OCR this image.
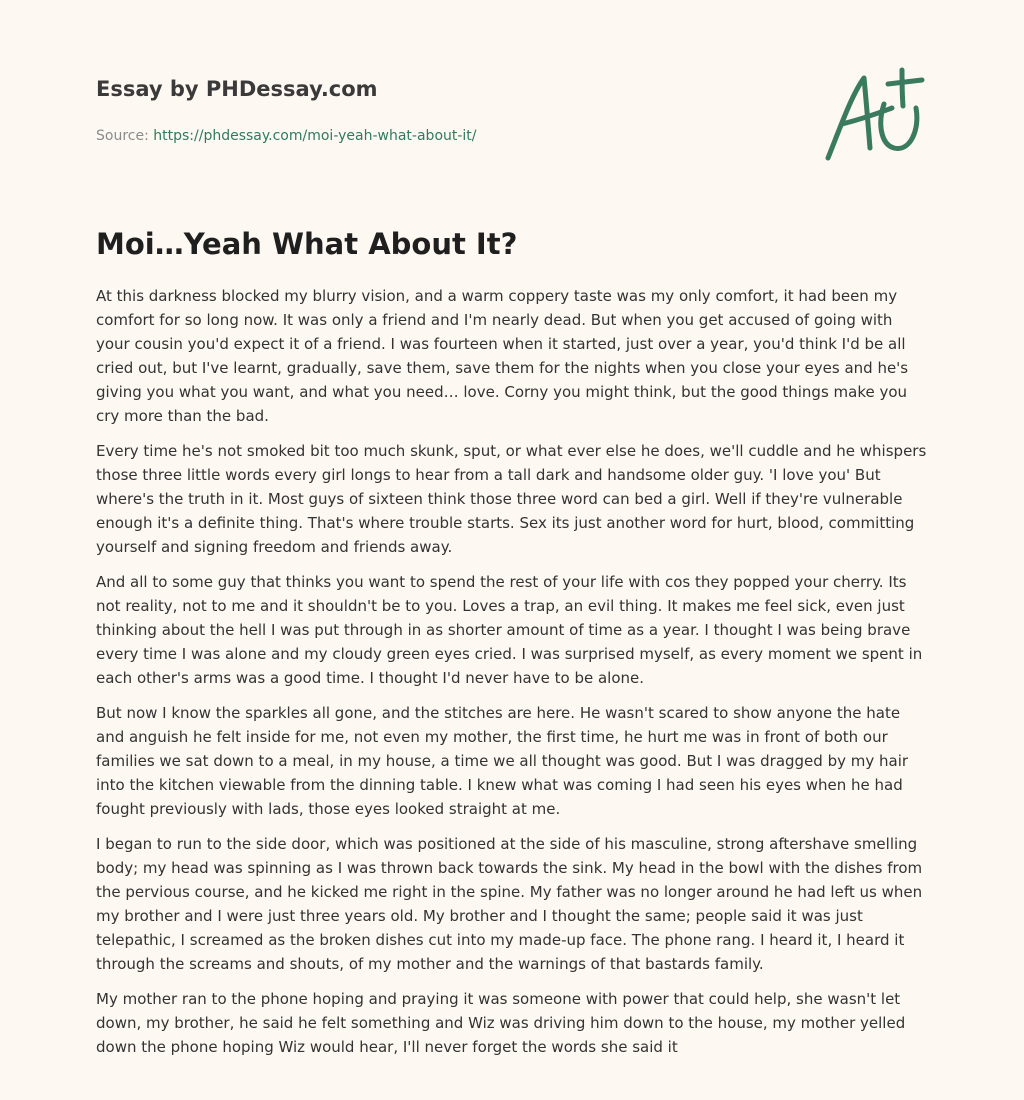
Essay by PHDessay.com
Source: https://phdessay.com/moi-yeah-what-about-it/
Moi…Yeah What About It?

At this darkness blocked my blurry vision, and a warm coppery taste was my only comfort, it had been my comfort for so long now. It was only a friend and I'm nearly dead. But when you get accused of going with your cousin you'd expect it of a friend. I was fourteen when it started, just over a year, you'd think I'd be all cried out, but I've learnt, gradually, save them, save them for the nights when you close your eyes and he's giving you what you want, and what you need… love. Corny you might think, but the good things make you cry more than the bad.

Every time he's not smoked bit too much skunk, sput, or what ever else he does, we'll cuddle and he whispers those three little words every girl longs to hear from a tall dark and handsome older guy. 'I love you' But where's the truth in it. Most guys of sixteen think those three word can bed a girl. Well if they're vulnerable enough it's a definite thing. That's where trouble starts. Sex its just another word for hurt, blood, committing yourself and signing freedom and friends away.

And all to some guy that thinks you want to spend the rest of your life with cos they popped your cherry. Its not reality, not to me and it shouldn't be to you. Loves a trap, an evil thing. It makes me feel sick, even just thinking about the hell I was put through in as shorter amount of time as a year. I thought I was being brave every time I was alone and my cloudy green eyes cried. I was surprised myself, as every moment we spent in each other's arms was a good time. I thought I'd never have to be alone.

But now I know the sparkles all gone, and the stitches are here. He wasn't scared to show anyone the hate and anguish he felt inside for me, not even my mother, the first time, he hurt me was in front of both our families we sat down to a meal, in my house, a time we all thought was good. But I was dragged by my hair into the kitchen viewable from the dinning table. I knew what was coming I had seen his eyes when he had fought previously with lads, those eyes looked straight at me.

I began to run to the side door, which was positioned at the side of his masculine, strong aftershave smelling body; my head was spinning as I was thrown back towards the sink. My head in the bowl with the dishes from the pervious course, and he kicked me right in the spine. My father was no longer around he had left us when my brother and I were just three years old. My brother and I thought the same; people said it was just telepathic, I screamed as the broken dishes cut into my made-up face. The phone rang. I heard it, I heard it through the screams and shouts, of my mother and the warnings of that bastards family.

My mother ran to the phone hoping and praying it was someone with power that could help, she wasn't let down, my brother, he said he felt something and Wiz was driving him down to the house, my mother yelled down the phone hoping Wiz would hear, I'll never forget the words she said it
